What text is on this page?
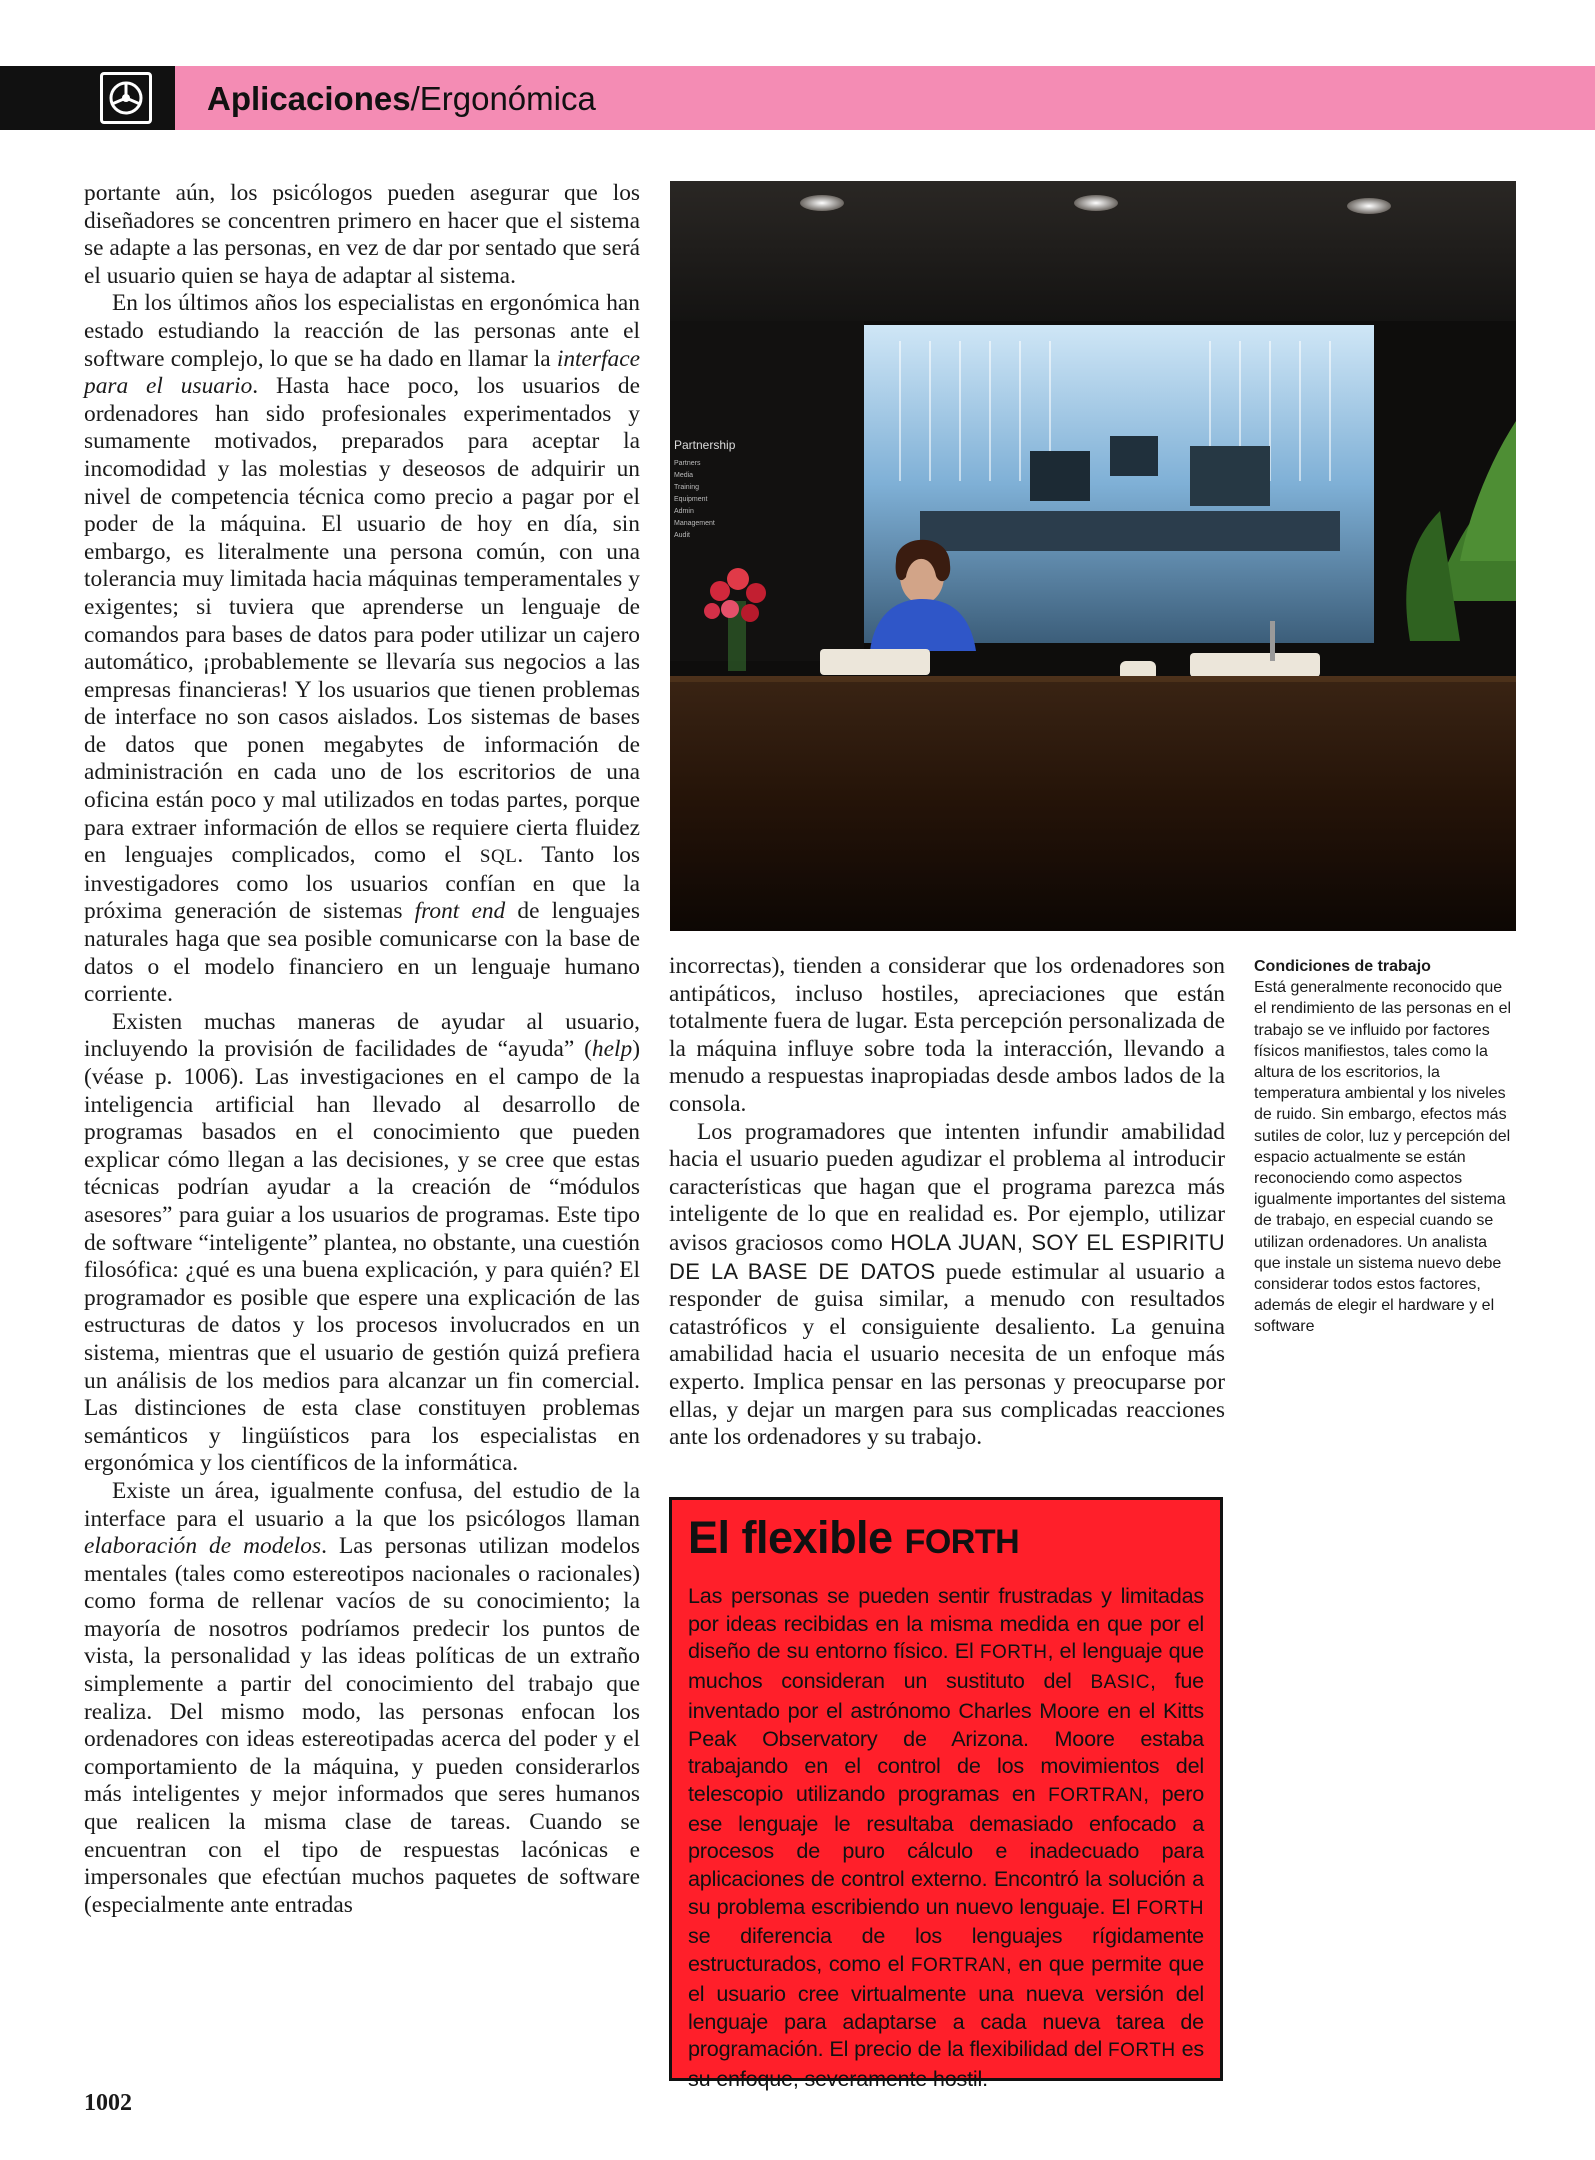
Aplicaciones/Ergonómica

portante aún, los psicólogos pueden asegurar que los diseñadores se concentren primero en hacer que el sistema se adapte a las personas, en vez de dar por sentado que será el usuario quien se haya de adaptar al sistema.

En los últimos años los especialistas en ergonómica han estado estudiando la reacción de las personas ante el software complejo, lo que se ha dado en llamar la interface para el usuario. Hasta hace poco, los usuarios de ordenadores han sido profesionales experimentados y sumamente motivados, preparados para aceptar la incomodidad y las molestias y deseosos de adquirir un nivel de competencia técnica como precio a pagar por el poder de la máquina. El usuario de hoy en día, sin embargo, es literalmente una persona común, con una tolerancia muy limitada hacia máquinas temperamentales y exigentes; si tuviera que aprenderse un lenguaje de comandos para bases de datos para poder utilizar un cajero automático, ¡probablemente se llevaría sus negocios a las empresas financieras! Y los usuarios que tienen problemas de interface no son casos aislados. Los sistemas de bases de datos que ponen megabytes de información de administración en cada uno de los escritorios de una oficina están poco y mal utilizados en todas partes, porque para extraer información de ellos se requiere cierta fluidez en lenguajes complicados, como el SQL. Tanto los investigadores como los usuarios confían en que la próxima generación de sistemas front end de lenguajes naturales haga que sea posible comunicarse con la base de datos o el modelo financiero en un lenguaje humano corriente.

Existen muchas maneras de ayudar al usuario, incluyendo la provisión de facilidades de “ayuda” (help) (véase p. 1006). Las investigaciones en el campo de la inteligencia artificial han llevado al desarrollo de programas basados en el conocimiento que pueden explicar cómo llegan a las decisiones, y se cree que estas técnicas podrían ayudar a la creación de “módulos asesores” para guiar a los usuarios de programas. Este tipo de software “inteligente” plantea, no obstante, una cuestión filosófica: ¿qué es una buena explicación, y para quién? El programador es posible que espere una explicación de las estructuras de datos y los procesos involucrados en un sistema, mientras que el usuario de gestión quizá prefiera un análisis de los medios para alcanzar un fin comercial. Las distinciones de esta clase constituyen problemas semánticos y lingüísticos para los especialistas en ergonómica y los científicos de la informática.

Existe un área, igualmente confusa, del estudio de la interface para el usuario a la que los psicólogos llaman elaboración de modelos. Las personas utilizan modelos mentales (tales como estereotipos nacionales o racionales) como forma de rellenar vacíos de su conocimiento; la mayoría de nosotros podríamos predecir los puntos de vista, la personalidad y las ideas políticas de un extraño simplemente a partir del conocimiento del trabajo que realiza. Del mismo modo, las personas enfocan los ordenadores con ideas estereotipadas acerca del poder y el comportamiento de la máquina, y pueden considerarlos más inteligentes y mejor informados que seres humanos que realicen la misma clase de tareas. Cuando se encuentran con el tipo de respuestas lacónicas e impersonales que efectúan muchos paquetes de software (especialmente ante entradas

Partnership
Partners
Media
Training
Equipment
Admin
Management
Audit

Condiciones de trabajo

Está generalmente reconocido que el rendimiento de las personas en el trabajo se ve influido por factores físicos manifiestos, tales como la altura de los escritorios, la temperatura ambiental y los niveles de ruido. Sin embargo, efectos más sutiles de color, luz y percepción del espacio actualmente se están reconociendo como aspectos igualmente importantes del sistema de trabajo, en especial cuando se utilizan ordenadores. Un analista que instale un sistema nuevo debe considerar todos estos factores, además de elegir el hardware y el software

incorrectas), tienden a considerar que los ordenadores son antipáticos, incluso hostiles, apreciaciones que están totalmente fuera de lugar. Esta percepción personalizada de la máquina influye sobre toda la interacción, llevando a menudo a respuestas inapropiadas desde ambos lados de la consola.

Los programadores que intenten infundir amabilidad hacia el usuario pueden agudizar el problema al introducir características que hagan que el programa parezca más inteligente de lo que en realidad es. Por ejemplo, utilizar avisos graciosos como HOLA JUAN, SOY EL ESPIRITU DE LA BASE DE DATOS puede estimular al usuario a responder de guisa similar, a menudo con resultados catastróficos y el consiguiente desaliento. La genuina amabilidad hacia el usuario necesita de un enfoque más experto. Implica pensar en las personas y preocuparse por ellas, y dejar un margen para sus complicadas reacciones ante los ordenadores y su trabajo.

El flexible FORTH

Las personas se pueden sentir frustradas y limitadas por ideas recibidas en la misma medida en que por el diseño de su entorno físico. El FORTH, el lenguaje que muchos consideran un sustituto del BASIC, fue inventado por el astrónomo Charles Moore en el Kitts Peak Observatory de Arizona. Moore estaba trabajando en el control de los movimientos del telescopio utilizando programas en FORTRAN, pero ese lenguaje le resultaba demasiado enfocado a procesos de puro cálculo e inadecuado para aplicaciones de control externo. Encontró la solución a su problema escribiendo un nuevo lenguaje. El FORTH se diferencia de los lenguajes rígidamente estructurados, como el FORTRAN, en que permite que el usuario cree virtualmente una nueva versión del lenguaje para adaptarse a cada nueva tarea de programación. El precio de la flexibilidad del FORTH es su enfoque, severamente hostil.

1002
